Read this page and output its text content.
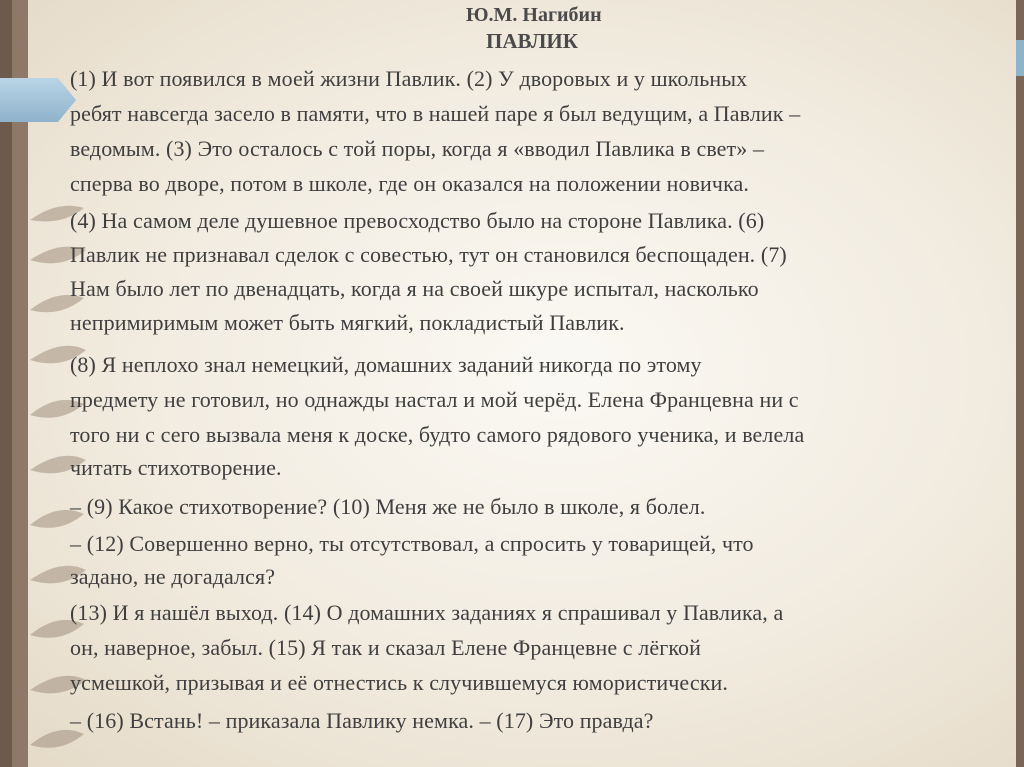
Ю.М. Нагибин
ПАВЛИК
(1) И вот появился в моей жизни Павлик. (2) У дворовых и у школьных
ребят навсегда засело в памяти, что в нашей паре я был ведущим, а Павлик –
ведомым. (3) Это осталось с той поры, когда я «вводил Павлика в свет» –
сперва во дворе, потом в школе, где он оказался на положении новичка.
(4) На самом деле душевное превосходство было на стороне Павлика. (6)
Павлик не признавал сделок с совестью, тут он становился беспощаден. (7)
Нам было лет по двенадцать, когда я на своей шкуре испытал, насколько
непримиримым может быть мягкий, покладистый Павлик.
(8) Я неплохо знал немецкий, домашних заданий никогда по этому
предмету не готовил, но однажды настал и мой черёд. Елена Францевна ни с
того ни с сего вызвала меня к доске, будто самого рядового ученика, и велела
читать стихотворение.
– (9) Какое стихотворение? (10) Меня же не было в школе, я болел.
– (12) Совершенно верно, ты отсутствовал, а спросить у товарищей, что
задано, не догадался?
(13) И я нашёл выход. (14) О домашних заданиях я спрашивал у Павлика, а
он, наверное, забыл. (15) Я так и сказал Елене Францевне с лёгкой
усмешкой, призывая и её отнестись к случившемуся юмористически.
– (16) Встань! – приказала Павлику немка. – (17) Это правда?
